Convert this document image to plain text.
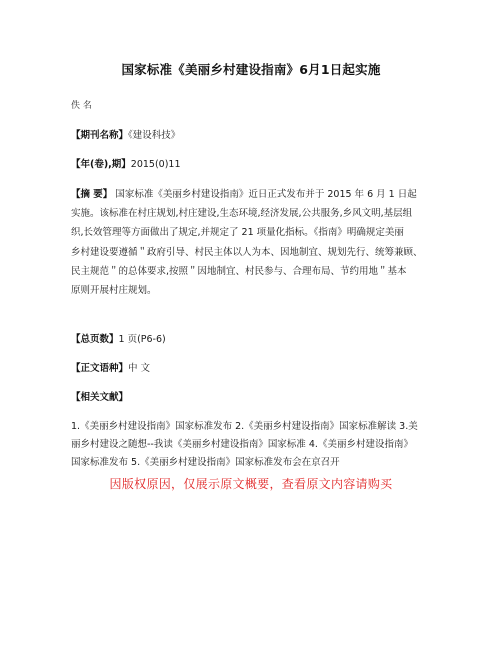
国家标准《美丽乡村建设指南》6月1日起实施
佚 名
【期刊名称】《建设科技》
【年(卷),期】2015(0)11
【摘 要】 国家标准《美丽乡村建设指南》近日正式发布并于 2015 年 6 月 1 日起
实施。该标准在村庄规划,村庄建设,生态环境,经济发展,公共服务,乡风文明,基层组
织,长效管理等方面做出了规定,并规定了 21 项量化指标。《指南》明确规定美丽
乡村建设要遵循＂政府引导、村民主体以人为本、因地制宜、规划先行、统筹兼顾、
民主规范＂的总体要求,按照＂因地制宜、村民参与、合理布局、节约用地＂基本
原则开展村庄规划。
【总页数】1 页(P6-6)
【正文语种】中 文
【相关文献】
1.《美丽乡村建设指南》国家标准发布 2.《美丽乡村建设指南》国家标准解读 3.美
丽乡村建设之随想--我读《美丽乡村建设指南》国家标准 4.《美丽乡村建设指南》
国家标准发布 5.《美丽乡村建设指南》国家标准发布会在京召开
因版权原因，仅展示原文概要，查看原文内容请购买
